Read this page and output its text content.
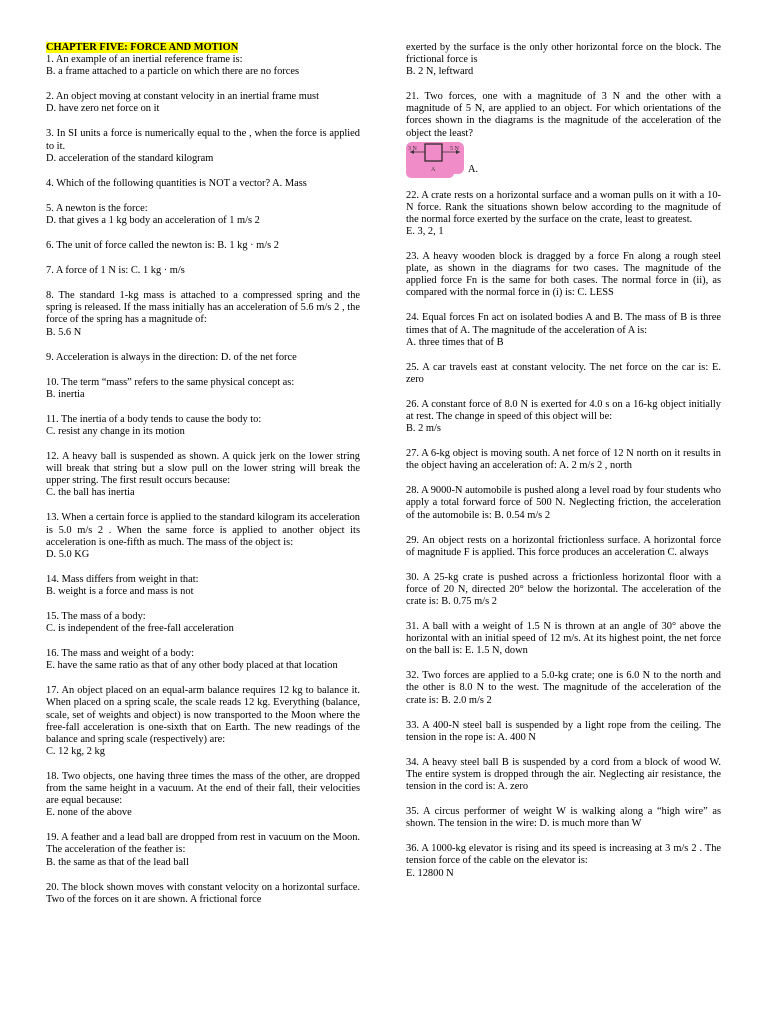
CHAPTER FIVE: FORCE AND MOTION

1. An example of an inertial reference frame is:

B. a frame attached to a particle on which there are no forces

2. An object moving at constant velocity in an inertial frame must

D. have zero net force on it

3. In SI units a force is numerically equal to the , when the force is applied to it.

D. acceleration of the standard kilogram

4. Which of the following quantities is NOT a vector? A. Mass

5. A newton is the force:

D. that gives a 1 kg body an acceleration of 1 m/s 2

6. The unit of force called the newton is: B. 1 kg · m/s 2

7. A force of 1 N is: C. 1 kg · m/s

8. The standard 1-kg mass is attached to a compressed spring and the spring is released. If the mass initially has an acceleration of 5.6 m/s 2 , the force of the spring has a magnitude of:

B. 5.6 N

9. Acceleration is always in the direction: D. of the net force

10. The term “mass” refers to the same physical concept as:

B. inertia

11. The inertia of a body tends to cause the body to:

C. resist any change in its motion

12. A heavy ball is suspended as shown. A quick jerk on the lower string will break that string but a slow pull on the lower string will break the upper string. The first result occurs because:

C. the ball has inertia

13. When a certain force is applied to the standard kilogram its acceleration is 5.0 m/s 2 . When the same force is applied to another object its acceleration is one-fifth as much. The mass of the object is:

D. 5.0 KG

14. Mass differs from weight in that:

B. weight is a force and mass is not

15. The mass of a body:

C. is independent of the free-fall acceleration

16. The mass and weight of a body:

E. have the same ratio as that of any other body placed at that location

17. An object placed on an equal-arm balance requires 12 kg to balance it. When placed on a spring scale, the scale reads 12 kg. Everything (balance, scale, set of weights and object) is now transported to the Moon where the free-fall acceleration is one-sixth that on Earth. The new readings of the balance and spring scale (respectively) are:

C. 12 kg, 2 kg

18. Two objects, one having three times the mass of the other, are dropped from the same height in a vacuum. At the end of their fall, their velocities are equal because:

E. none of the above

19. A feather and a lead ball are dropped from rest in vacuum on the Moon. The acceleration of the feather is:

B. the same as that of the lead ball

20. The block shown moves with constant velocity on a horizontal surface. Two of the forces on it are shown. A frictional force

exerted by the surface is the only other horizontal force on the block. The frictional force is

B. 2 N, leftward

21. Two forces, one with a magnitude of 3 N and the other with a magnitude of 5 N, are applied to an object. For which orientations of the forces shown in the diagrams is the magnitude of the acceleration of the object the least?

3 N	5 N
A	A.

22. A crate rests on a horizontal surface and a woman pulls on it with a 10-N force. Rank the situations shown below according to the magnitude of the normal force exerted by the surface on the crate, least to greatest.

E. 3, 2, 1

23. A heavy wooden block is dragged by a force Fn along a rough steel plate, as shown in the diagrams for two cases. The magnitude of the applied force Fn is the same for both cases. The normal force in (ii), as compared with the normal force in (i) is: C. LESS

24. Equal forces Fn act on isolated bodies A and B. The mass of B is three times that of A. The magnitude of the acceleration of A is:

A. three times that of B

25. A car travels east at constant velocity. The net force on the car is: E. zero

26. A constant force of 8.0 N is exerted for 4.0 s on a 16-kg object initially at rest. The change in speed of this object will be:

B. 2 m/s

27. A 6-kg object is moving south. A net force of 12 N north on it results in the object having an acceleration of: A. 2 m/s 2 , north

28. A 9000-N automobile is pushed along a level road by four students who apply a total forward force of 500 N. Neglecting friction, the acceleration of the automobile is: B. 0.54 m/s 2

29. An object rests on a horizontal frictionless surface. A horizontal force of magnitude F is applied. This force produces an acceleration C. always

30. A 25-kg crate is pushed across a frictionless horizontal floor with a force of 20 N, directed 20° below the horizontal. The acceleration of the crate is: B. 0.75 m/s 2

31. A ball with a weight of 1.5 N is thrown at an angle of 30° above the horizontal with an initial speed of 12 m/s. At its highest point, the net force on the ball is: E. 1.5 N, down

32. Two forces are applied to a 5.0-kg crate; one is 6.0 N to the north and the other is 8.0 N to the west. The magnitude of the acceleration of the crate is: B. 2.0 m/s 2

33. A 400-N steel ball is suspended by a light rope from the ceiling. The tension in the rope is: A. 400 N

34. A heavy steel ball B is suspended by a cord from a block of wood W. The entire system is dropped through the air. Neglecting air resistance, the tension in the cord is: A. zero

35. A circus performer of weight W is walking along a “high wire” as shown. The tension in the wire: D. is much more than W

36. A 1000-kg elevator is rising and its speed is increasing at 3 m/s 2 . The tension force of the cable on the elevator is:

E. 12800 N
